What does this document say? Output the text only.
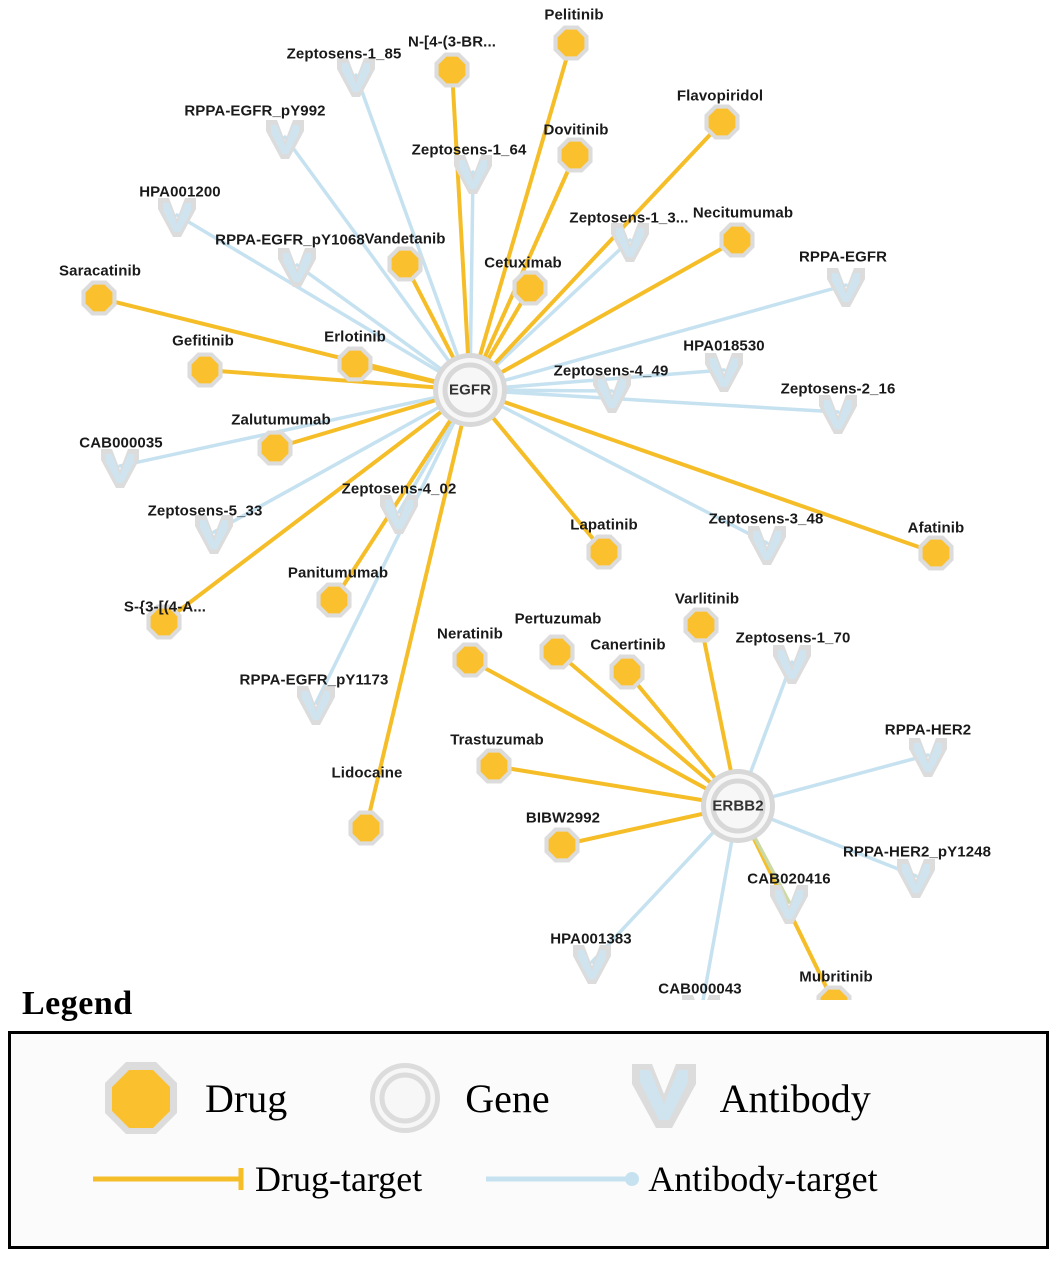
Pelitinib
N-[4-(3-BR...
Flavopiridol
Dovitinib
Necitumumab
Vandetanib
Cetuximab
Saracatinib
Gefitinib	Erlotinib
Zalutumumab
Afatinib
Lapatinib
Panitumumab
S-{3-[(4-A...	Varlitinib
Neratinib
Pertuzumab
Canertinib
Trastuzumab
Lidocaine
BIBW2992
Mubritinib
Zeptosens-1_85
RPPA-EGFR_pY992
Zeptosens-1_64
HPA001200
Zeptosens-1_3...
RPPA-EGFR_pY1068
RPPA-EGFR
HPA018530
Zeptosens-4_49
Zeptosens-2_16
CAB000035
Zeptosens-4_02
Zeptosens-5_33	Zeptosens-3_48
RPPA-EGFR_pY1173
Zeptosens-1_70
RPPA-HER2
RPPA-HER2_pY1248
CAB020416
HPA001383
CAB000043
EGFR
ERBB2
Legend
Drug	Gene	Antibody
Drug-target	Antibody-target
